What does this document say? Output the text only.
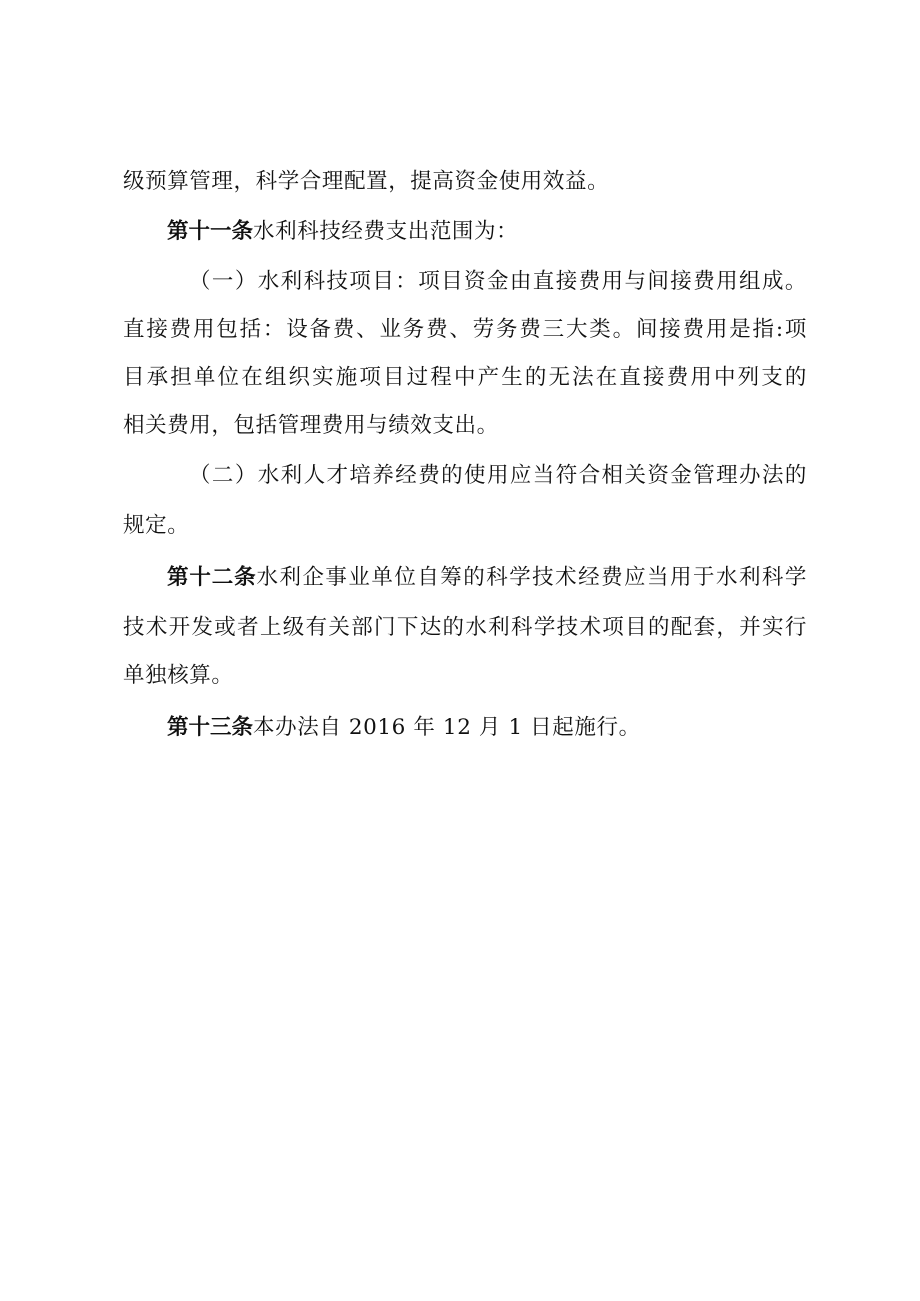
级预算管理，科学合理配置，提高资金使用效益。
第十一条水利科技经费支出范围为：
（一）水利科技项目：项目资金由直接费用与间接费用组成。
直接费用包括：设备费、业务费、劳务费三大类。间接费用是指:项
目承担单位在组织实施项目过程中产生的无法在直接费用中列支的
相关费用，包括管理费用与绩效支出。
（二）水利人才培养经费的使用应当符合相关资金管理办法的
规定。
第十二条水利企事业单位自筹的科学技术经费应当用于水利科学
技术开发或者上级有关部门下达的水利科学技术项目的配套，并实行
单独核算。
第十三条本办法自 2016 年 12 月 1 日起施行。
